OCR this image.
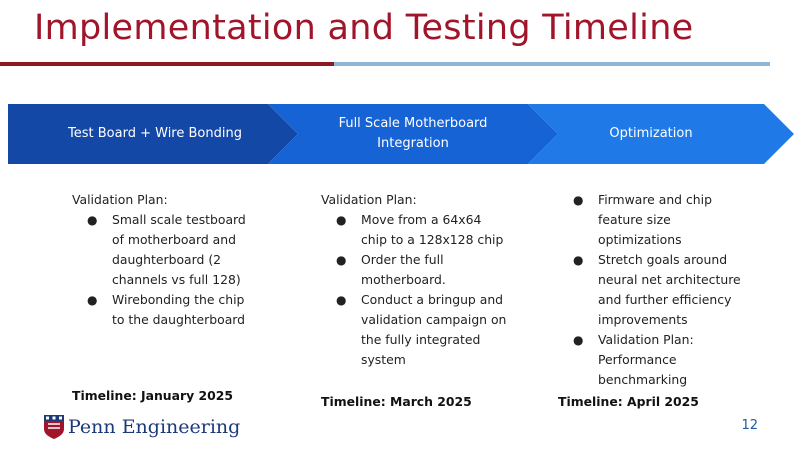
Implementation and Testing Timeline
Test Board + Wire Bonding
Full Scale Motherboard Integration
Optimization

Validation Plan:

● Small scale testboard of motherboard and daughterboard (2 channels vs full 128)
● Wirebonding the chip to the daughterboard

Validation Plan:

● Move from a 64x64 chip to a 128x128 chip
● Order the full motherboard.
● Conduct a bringup and validation campaign on the fully integrated system
● Firmware and chip feature size optimizations
● Stretch goals around neural net architecture and further efficiency improvements
● Validation Plan: Performance benchmarking
Timeline: January 2025	Timeline: March 2025	Timeline: April 2025
Penn Engineering	12
